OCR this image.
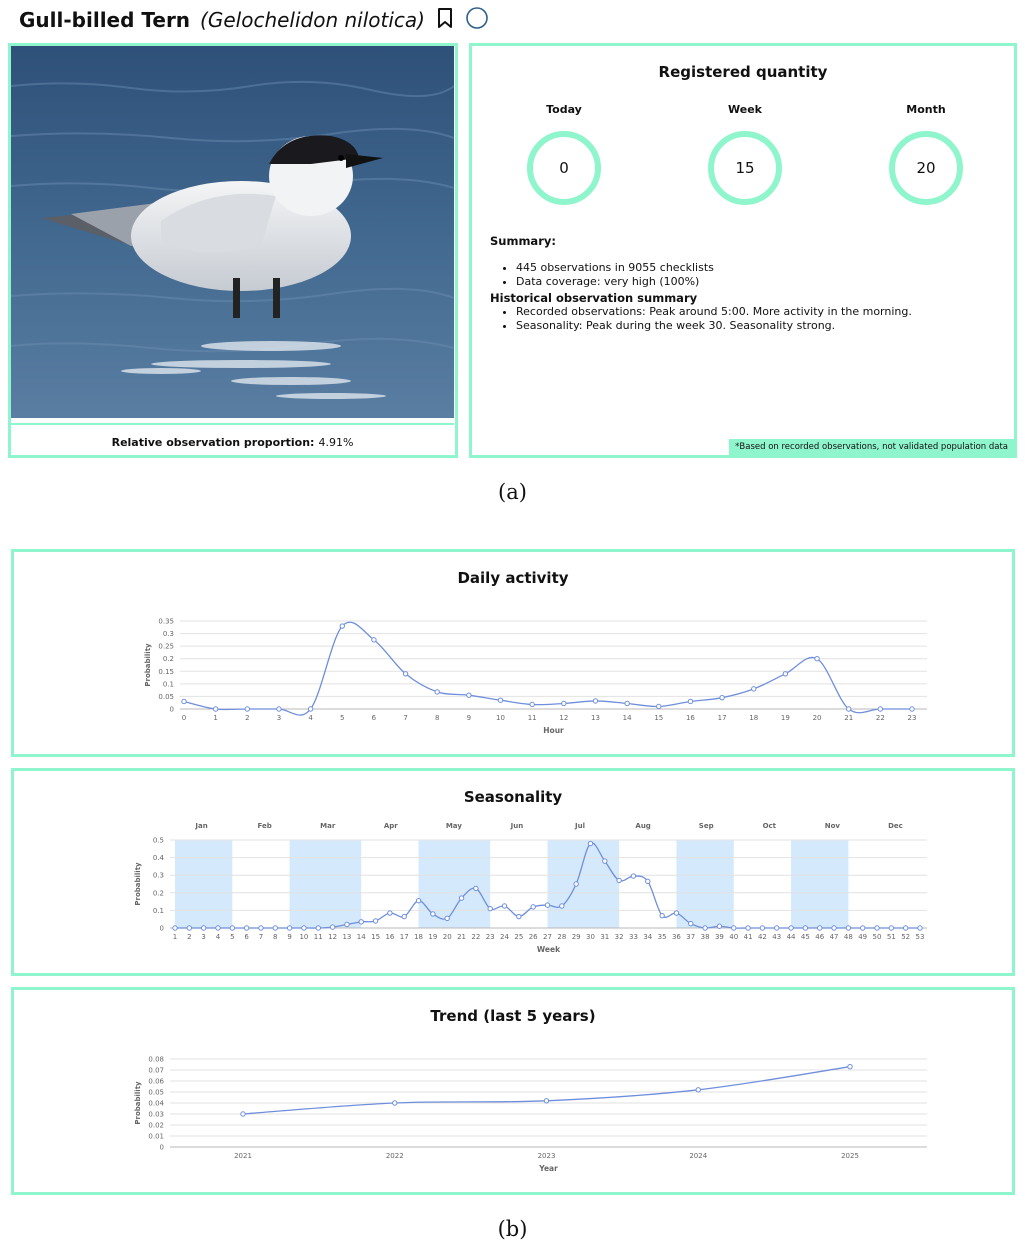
Gull-billed Tern (Gelochelidon nilotica)
Relative observation proportion: 4.91%
Registered quantity
Today
0
Week
15
Month
20
Summary:
• 445 observations in 9055 checklists
• Data coverage: very high (100%)
Historical observation summary
• Recorded observations: Peak around 5:00. More activity in the morning.
• Seasonality: Peak during the week 30. Seasonality strong.
*Based on recorded observations, not validated population data
(a)
Daily activity
0
0.05
0.1
0.15
0.2
0.25
0.3
0.35
0	1	2	3	4	5	6	7	8	9	10	11	12	13	14	15	16	17	18	19	20	21	22	23
Hour
Probability
Seasonality
0
0.1
0.2
0.3
0.4
0.5
1 2 3 4 5 6 7 8 9 10 11 12 13 14 15 16 17 18 19 20 21 22 23 24 25 26 27 28 29 30 31 32 33 34 35 36 37 38 39 40 41 42 43 44 45 46 47 48 49 50 51 52 53
Jan	Feb	Mar	Apr	May	Jun	Jul	Aug	Sep	Oct	Nov	Dec
Week
Probability
Trend (last 5 years)
0
0.01
0.02
0.03
0.04
0.05
0.06
0.07
0.08
2021	2022	2023	2024	2025
Year
Probability
(b)
